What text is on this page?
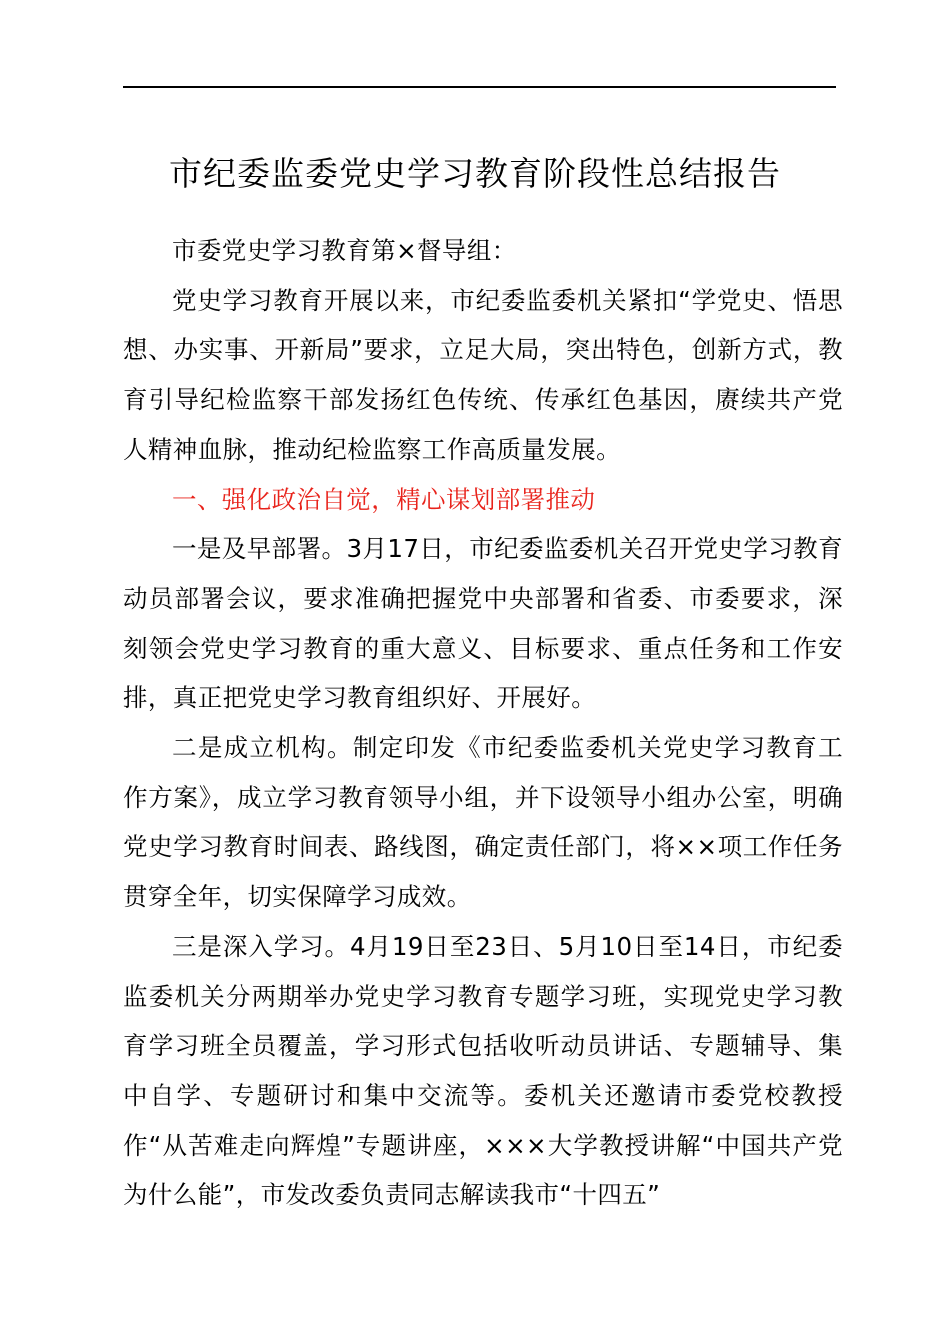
市纪委监委党史学习教育阶段性总结报告

市委党史学习教育第×督导组：

党史学习教育开展以来，市纪委监委机关紧扣“学党史、悟思想、办实事、开新局”要求，立足大局，突出特色，创新方式，教育引导纪检监察干部发扬红色传统、传承红色基因，赓续共产党人精神血脉，推动纪检监察工作高质量发展。

一、强化政治自觉，精心谋划部署推动

一是及早部署。3月17日，市纪委监委机关召开党史学习教育动员部署会议，要求准确把握党中央部署和省委、市委要求，深刻领会党史学习教育的重大意义、目标要求、重点任务和工作安排，真正把党史学习教育组织好、开展好。

二是成立机构。制定印发《市纪委监委机关党史学习教育工作方案》，成立学习教育领导小组，并下设领导小组办公室，明确党史学习教育时间表、路线图，确定责任部门，将××项工作任务贯穿全年，切实保障学习成效。

三是深入学习。4月19日至23日、5月10日至14日，市纪委监委机关分两期举办党史学习教育专题学习班，实现党史学习教育学习班全员覆盖，学习形式包括收听动员讲话、专题辅导、集中自学、专题研讨和集中交流等。委机关还邀请市委党校教授作“从苦难走向辉煌”专题讲座，×××大学教授讲解“中国共产党为什么能”，市发改委负责同志解读我市“十四五”
